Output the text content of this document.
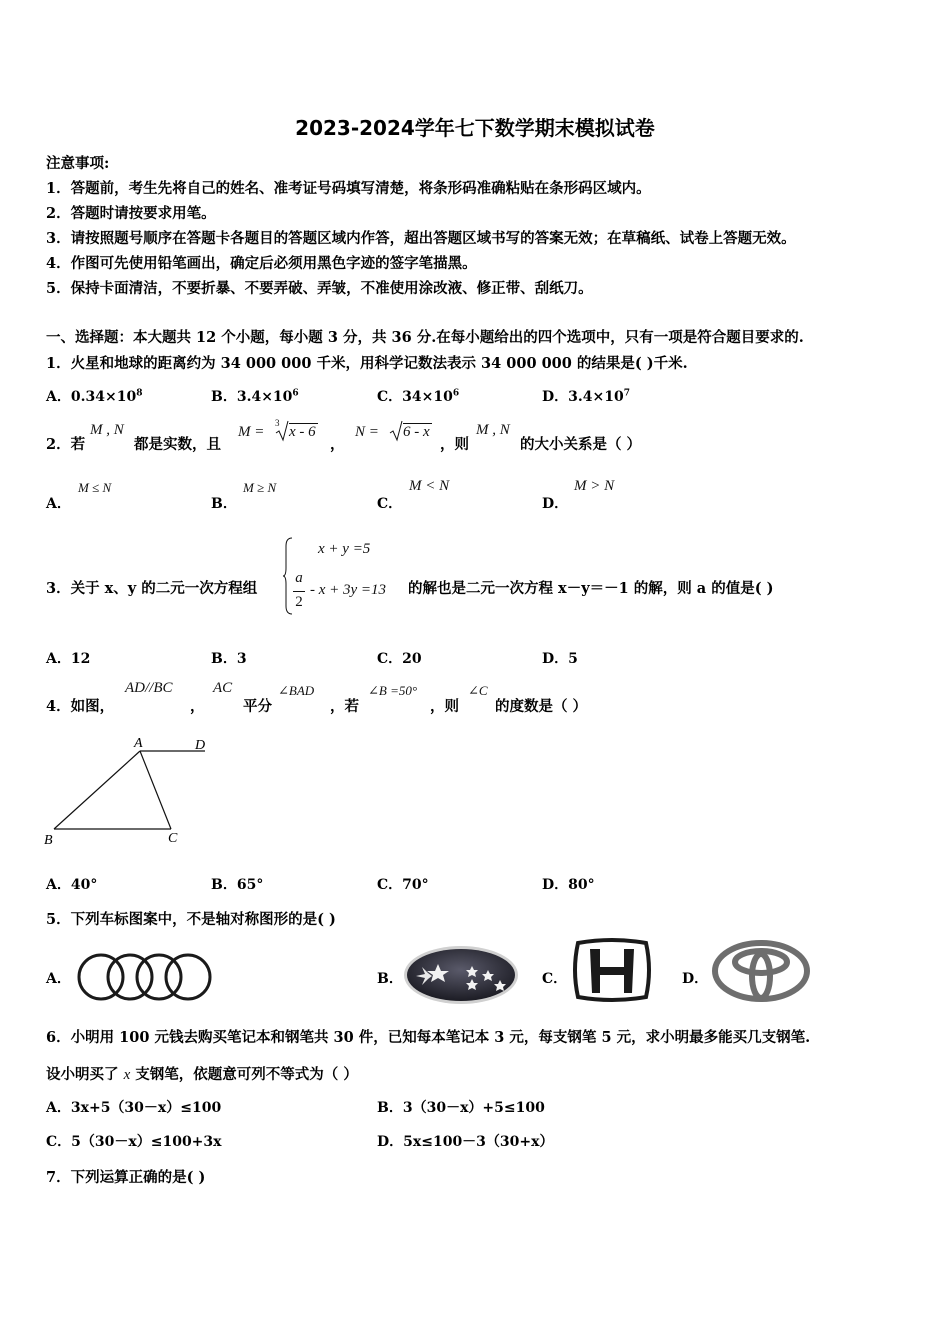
2023-2024学年七下数学期末模拟试卷
注意事项:
1．答题前，考生先将自己的姓名、准考证号码填写清楚，将条形码准确粘贴在条形码区域内。
2．答题时请按要求用笔。
3．请按照题号顺序在答题卡各题目的答题区域内作答，超出答题区域书写的答案无效；在草稿纸、试卷上答题无效。
4．作图可先使用铅笔画出，确定后必须用黑色字迹的签字笔描黑。
5．保持卡面清洁，不要折暴、不要弄破、弄皱，不准使用涂改液、修正带、刮纸刀。
一、选择题：本大题共 12 个小题，每小题 3 分，共 36 分.在每小题给出的四个选项中，只有一项是符合题目要求的.
1．火星和地球的距离约为 34 000 000 千米，用科学记数法表示 34 000 000 的结果是( )千米.
A．$0.34\times 10^8$	B．$3.4\times 10^6$	C．$34\times 10^6$	D．$3.4\times 10^7$
2．若
M , N
都是实数，且
M =
3
x - 6
，
N = 6 - x
，则
M , N
的大小关系是（ ）
A．
M ≤ N
B．
M ≥ N
C．
M < N
D．
M > N
3．关于 x、y 的二元一次方程组
x + y =5
a
2
- x + 3y =13 的解也是二元一次方程 x－y＝－1 的解，则 a 的值是( )
A．12	B．3	C．20	D．5
4．如图，
AD//BC
，
AC
平分
∠BAD
，若
∠B =50°
，则
∠C
的度数是（ ）
A	D
B	C
A．40°	B．65°	C．70°	D．80°
5．下列车标图案中，不是轴对称图形的是( )
A．	B．	C．	D．
6．小明用 100 元钱去购买笔记本和钢笔共 30 件，已知每本笔记本 3 元，每支钢笔 5 元，求小明最多能买几支钢笔.
设小明买了 x 支钢笔，依题意可列不等式为（ ）
A．3x+5（30－x）≤100	B．3（30－x）+5≤100
C．5（30－x）≤100+3x	D．5x≤100－3（30+x）
7．下列运算正确的是( )
